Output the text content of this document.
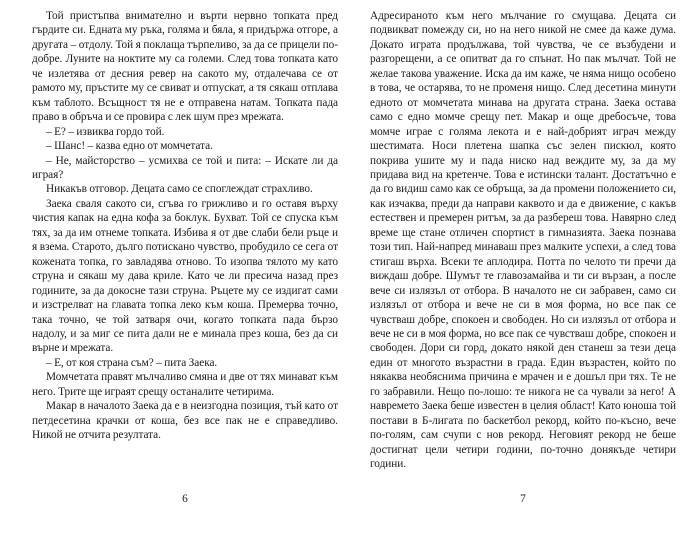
Той пристъпва внимателно и върти нервно топката пред гърдите си. Едната му ръка, голяма и бяла, я придържа отгоре, а другата – отдолу. Той я поклаща търпеливо, за да се прицели по-добре. Луните на ноктите му са големи. След това топката като че излетява от десния ревер на сакото му, отдалечава се от рамото му, пръстите му се свиват и отпускат, а тя сякаш отплава към таблото. Всъщност тя не е отправена натам. Топката пада право в обръча и се провира с лек шум през мрежата.

– Е? – извиква гордо той.

– Шанс! – казва едно от момчетата.

– Не, майсторство – усмихва се той и пита: – Искате ли да играя?

Никакъв отговор. Децата само се споглеждат страхливо.

Заека сваля сакото си, сгъва го грижливо и го оставя върху чистия капак на една кофа за боклук. Бухват. Той се спуска към тях, за да им отнеме топката. Избива я от две слаби бели ръце и я взема. Старото, дълго потискано чувство, пробудило се сега от кожената топка, го завладява отново. То изопва тялото му като струна и сякаш му дава криле. Като че ли пресича назад през годините, за да докосне тази струна. Ръцете му се издигат сами и изстрелват на главата топка леко към коша. Премерва точно, така точно, че той затваря очи, когато топката пада бързо надолу, и за миг се пита дали не е минала през коша, без да си върне и мрежата.

– Е, от коя страна съм? – пита Заека.

Момчетата правят мълчаливо смяна и две от тях минават към него. Трите ще играят срещу останалите четирима.

Макар в началото Заека да е в неизгодна позиция, тъй като от петдесетина крачки от коша, без все пак не е справедливо. Никой не отчита резултата.

6

Адресираното към него мълчание го смущава. Децата си подвикват помежду си, но на него никой не смее да каже дума. Докато играта продължава, той чувства, че се възбудени и разгорещени, а се опитват да го спънат. Но пак мълчат. Той не желае такова уважение. Иска да им каже, че няма нищо особено в това, че остарява, то не променя нищо. След десетина минути едното от момчетата минава на другата страна. Заека остава само с едно момче срещу пет. Макар и още дребосъче, това момче играе с голяма лекота и е най-добрият играч между шестимата. Носи плетена шапка със зелен пискюл, която покрива ушите му и пада ниско над веждите му, за да му придава вид на кретенче. Това е истински талант. Достатъчно е да го видиш само как се обръща, за да промени положението си, как изчаква, преди да направи каквото и да е движение, с какъв естествен и премерен ритъм, за да разбереш това. Навярно след време ще стане отличен спортист в гимназията. Заека познава този тип. Най-напред минаваш през малките успехи, а след това стигаш върха. Всеки те аплодира. Потта по челото ти пречи да виждаш добре. Шумът те главозамайва и ти си вързан, а после вече си излязъл от отбора. В началото не си забравен, само си излязъл от отбора и вече не си в моя форма, но все пак се чувстваш добре, спокоен и свободен. Но си излязъл от отбора и вече не си в моя форма, но все пак се чувстваш добре, спокоен и свободен. Дори си горд, докато някой ден станеш за тези деца един от многото възрастни в града. Един възрастен, който по някаква необяснима причина е мрачен и е дошъл при тях. Те не го забравили. Нещо по-лошо: те никога не са чували за него! А навремето Заека беше известен в целия област! Като юноша той постави в Б-лигата по баскетбол рекорд, който по-късно, вече по-голям, сам счупи с нов рекорд. Неговият рекорд не беше достигнат цели четири години, по-точно донякъде четири години.

7
